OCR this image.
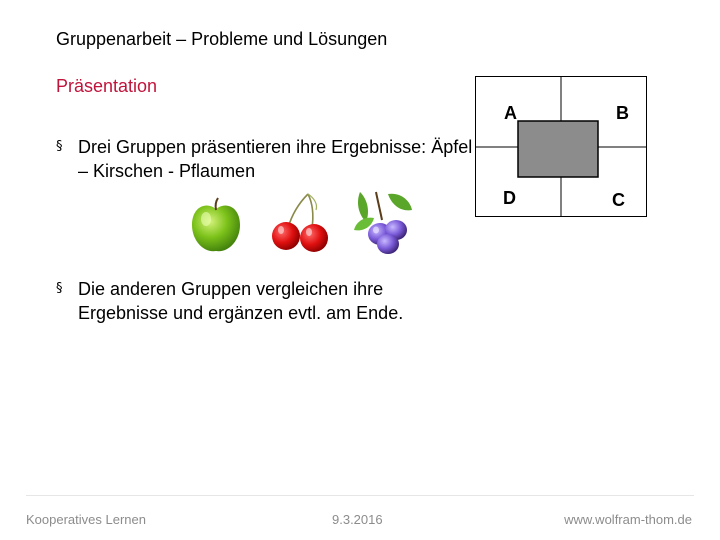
Gruppenarbeit – Probleme und Lösungen
Präsentation
§ Drei Gruppen präsentieren ihre Ergebnisse: Äpfel – Kirschen - Pflaumen
§ Die anderen Gruppen vergleichen ihre Ergebnisse und ergänzen evtl. am Ende.
A	B
D	C
Kooperatives Lernen	9.3.2016	www.wolfram-thom.de
